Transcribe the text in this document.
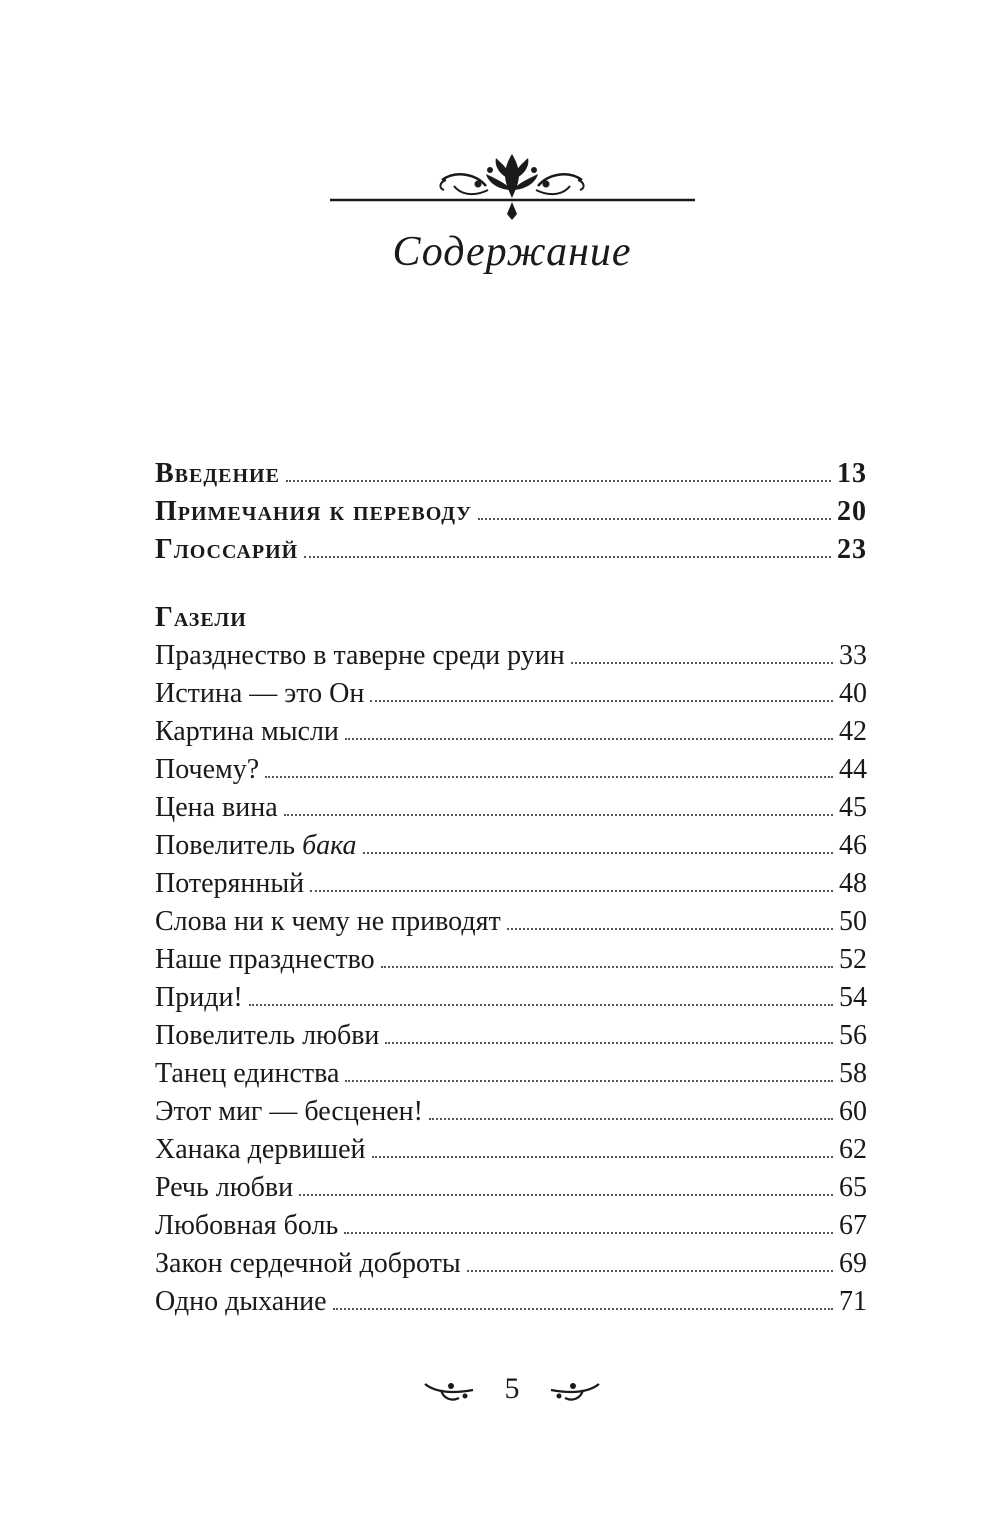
Содержание
Введение	13
Примечания к переводу	20
Глоссарий	23
Газели
Празднество в таверне среди руин	33
Истина — это Он	40
Картина мысли	42
Почему?	44
Цена вина	45
Повелитель бака	46
Потерянный	48
Слова ни к чему не приводят	50
Наше празднество	52
Приди!	54
Повелитель любви	56
Танец единства	58
Этот миг — бесценен!	60
Ханака дервишей	62
Речь любви	65
Любовная боль	67
Закон сердечной доброты	69
Одно дыхание	71
5
